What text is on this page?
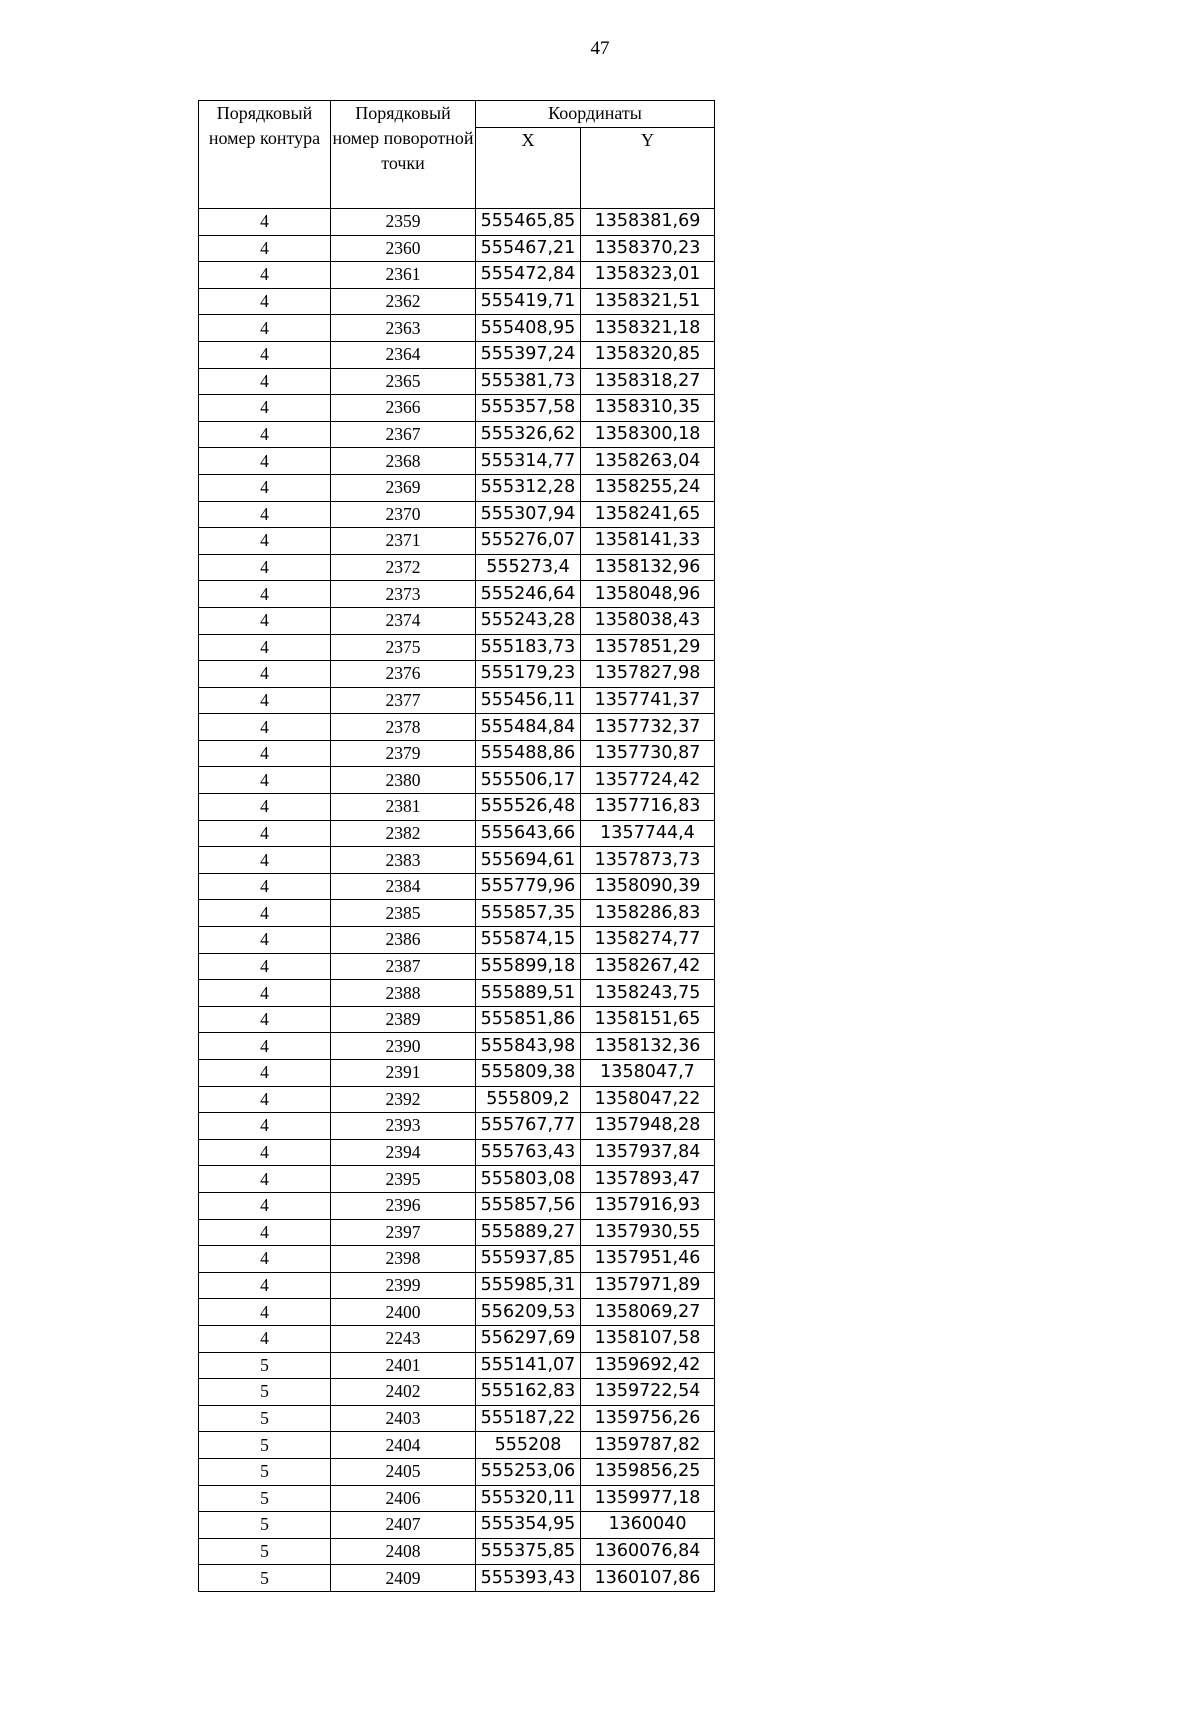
47
Порядковый номер контура	Порядковый номер поворотной точки	Координаты	
		X	Y
4	2359	555465,85	1358381,69
4	2360	555467,21	1358370,23
4	2361	555472,84	1358323,01
4	2362	555419,71	1358321,51
4	2363	555408,95	1358321,18
4	2364	555397,24	1358320,85
4	2365	555381,73	1358318,27
4	2366	555357,58	1358310,35
4	2367	555326,62	1358300,18
4	2368	555314,77	1358263,04
4	2369	555312,28	1358255,24
4	2370	555307,94	1358241,65
4	2371	555276,07	1358141,33
4	2372	555273,4	1358132,96
4	2373	555246,64	1358048,96
4	2374	555243,28	1358038,43
4	2375	555183,73	1357851,29
4	2376	555179,23	1357827,98
4	2377	555456,11	1357741,37
4	2378	555484,84	1357732,37
4	2379	555488,86	1357730,87
4	2380	555506,17	1357724,42
4	2381	555526,48	1357716,83
4	2382	555643,66	1357744,4
4	2383	555694,61	1357873,73
4	2384	555779,96	1358090,39
4	2385	555857,35	1358286,83
4	2386	555874,15	1358274,77
4	2387	555899,18	1358267,42
4	2388	555889,51	1358243,75
4	2389	555851,86	1358151,65
4	2390	555843,98	1358132,36
4	2391	555809,38	1358047,7
4	2392	555809,2	1358047,22
4	2393	555767,77	1357948,28
4	2394	555763,43	1357937,84
4	2395	555803,08	1357893,47
4	2396	555857,56	1357916,93
4	2397	555889,27	1357930,55
4	2398	555937,85	1357951,46
4	2399	555985,31	1357971,89
4	2400	556209,53	1358069,27
4	2243	556297,69	1358107,58
5	2401	555141,07	1359692,42
5	2402	555162,83	1359722,54
5	2403	555187,22	1359756,26
5	2404	555208	1359787,82
5	2405	555253,06	1359856,25
5	2406	555320,11	1359977,18
5	2407	555354,95	1360040
5	2408	555375,85	1360076,84
5	2409	555393,43	1360107,86
